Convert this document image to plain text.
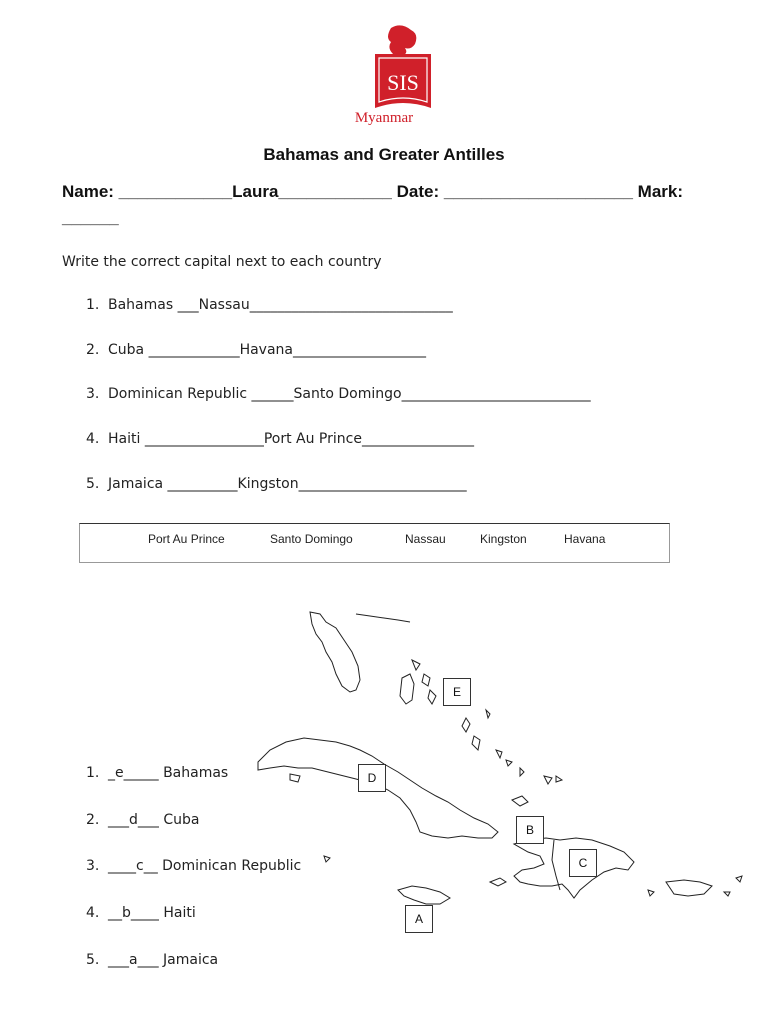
SIS
Myanmar
Bahamas and Greater Antilles
Name: ____________Laura____________ Date: ____________________ Mark:
______
Write the correct capital next to each country
1. Bahamas ___Nassau_____________________________
2. Cuba _____________Havana___________________
3. Dominican Republic ______Santo Domingo___________________________
4. Haiti _________________Port Au Prince________________
5. Jamaica __________Kingston________________________
Port Au Prince	Santo Domingo	Nassau	Kingston	Havana
E
D
B
C
A
1. _e_____ Bahamas
2. ___d___ Cuba
3. ____c__ Dominican Republic
4. __b____ Haiti
5. ___a___ Jamaica
